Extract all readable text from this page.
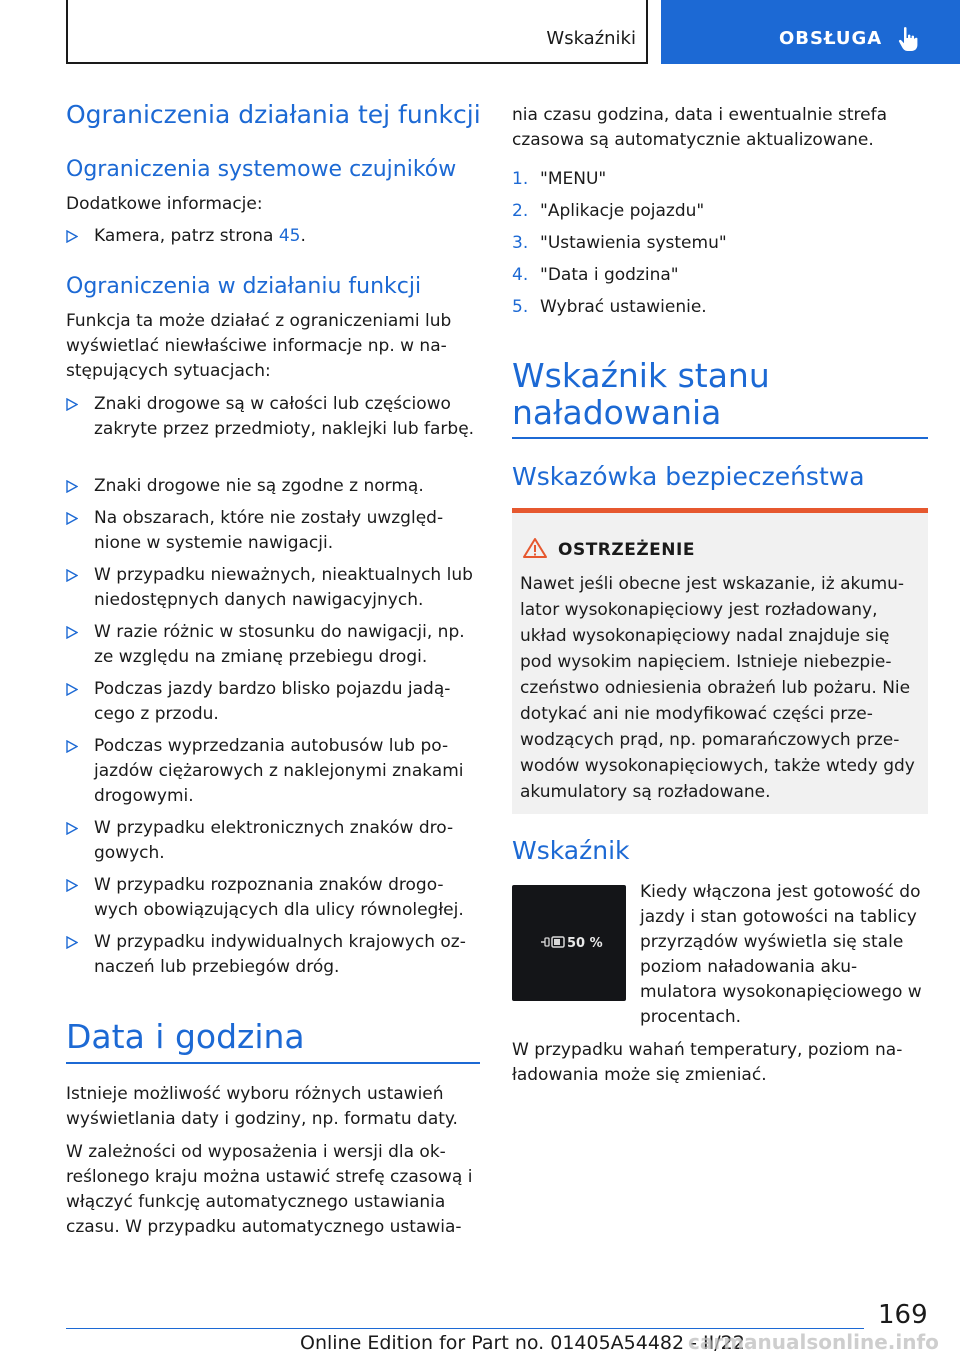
Wskaźniki	OBSŁUGA
Ograniczenia działania tej funkcji
Ograniczenia systemowe czujników
Dodatkowe informacje:
Kamera, patrz strona 45.
Ograniczenia w działaniu funkcji
Funkcja ta może działać z ograniczeniami lub wyświetlać niewłaściwe informacje np. w na-stępujących sytuacjach:
Znaki drogowe są w całości lub częściowo zakryte przez przedmioty, naklejki lub farbę.
Znaki drogowe nie są zgodne z normą.
Na obszarach, które nie zostały uwzględ-nione w systemie nawigacji.
W przypadku nieważnych, nieaktualnych lub niedostępnych danych nawigacyjnych.
W razie różnic w stosunku do nawigacji, np. ze względu na zmianę przebiegu drogi.
Podczas jazdy bardzo blisko pojazdu jadą-cego z przodu.
Podczas wyprzedzania autobusów lub po-jazdów ciężarowych z naklejonymi znakami drogowymi.
W przypadku elektronicznych znaków dro-gowych.
W przypadku rozpoznania znaków drogo-wych obowiązujących dla ulicy równoległej.
W przypadku indywidualnych krajowych oz-naczeń lub przebiegów dróg.
Data i godzina
Istnieje możliwość wyboru różnych ustawień wyświetlania daty i godziny, np. formatu daty.
W zależności od wyposażenia i wersji dla ok-reślonego kraju można ustawić strefę czasową i włączyć funkcję automatycznego ustawiania czasu. W przypadku automatycznego ustawia-
nia czasu godzina, data i ewentualnie strefa czasowa są automatycznie aktualizowane.
1. "MENU"
2. "Aplikacje pojazdu"
3. "Ustawienia systemu"
4. "Data i godzina"
5. Wybrać ustawienie.
Wskaźnik stanu
naładowania
Wskazówka bezpieczeństwa
OSTRZEŻENIE
Nawet jeśli obecne jest wskazanie, iż akumu-lator wysokonapięciowy jest rozładowany, układ wysokonapięciowy nadal znajduje się pod wysokim napięciem. Istnieje niebezpie-czeństwo odniesienia obrażeń lub pożaru. Nie dotykać ani nie modyfikować części prze-wodzących prąd, np. pomarańczowych prze-wodów wysokonapięciowych, także wtedy gdy akumulatory są rozładowane.
Wskaźnik
50 %
Kiedy włączona jest gotowość do jazdy i stan gotowości na tablicy przyrządów wyświetla się stale poziom naładowania aku-mulatora wysokonapięciowego w procentach.
W przypadku wahań temperatury, poziom na-ładowania może się zmieniać.
169
Online Edition for Part no. 01405A54482 - II/22
carmanualsonline.info
